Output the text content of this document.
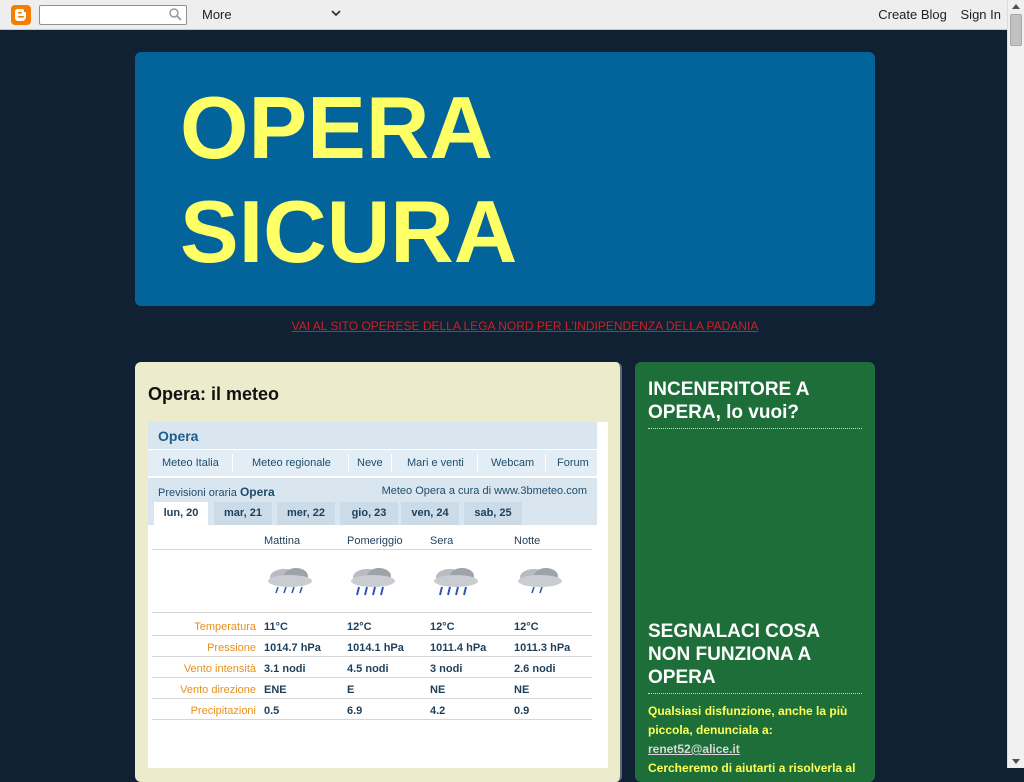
More	Create Blog Sign In
OPERA
SICURA
VAI AL SITO OPERESE DELLA LEGA NORD PER L'INDIPENDENZA DELLA PADANIA
Opera: il meteo
Opera
Meteo Italia	Meteo regionale Neve Mari e venti Webcam Forum
Previsioni oraria Opera	Meteo Opera a cura di www.3bmeteo.com
lun, 20	mar, 21	mer, 22	gio, 23	ven, 24	sab, 25
Mattina	Pomeriggio Sera	Notte
Temperatura 11°C	12°C	12°C	12°C
Pressione 1014.7 hPa 1014.1 hPa 1011.4 hPa	1011.3 hPa
Vento intensità 3.1 nodi	4.5 nodi	3 nodi	2.6 nodi
Vento direzione ENE	E	NE	NE
Precipitazioni 0.5	6.9	4.2	0.9
INCENERITORE A OPERA, lo vuoi?
SEGNALACI COSA NON FUNZIONA A OPERA
Qualsiasi disfunzione, anche la più piccola, denunciala a:
renet52@alice.it
Cercheremo di aiutarti a risolverla al
